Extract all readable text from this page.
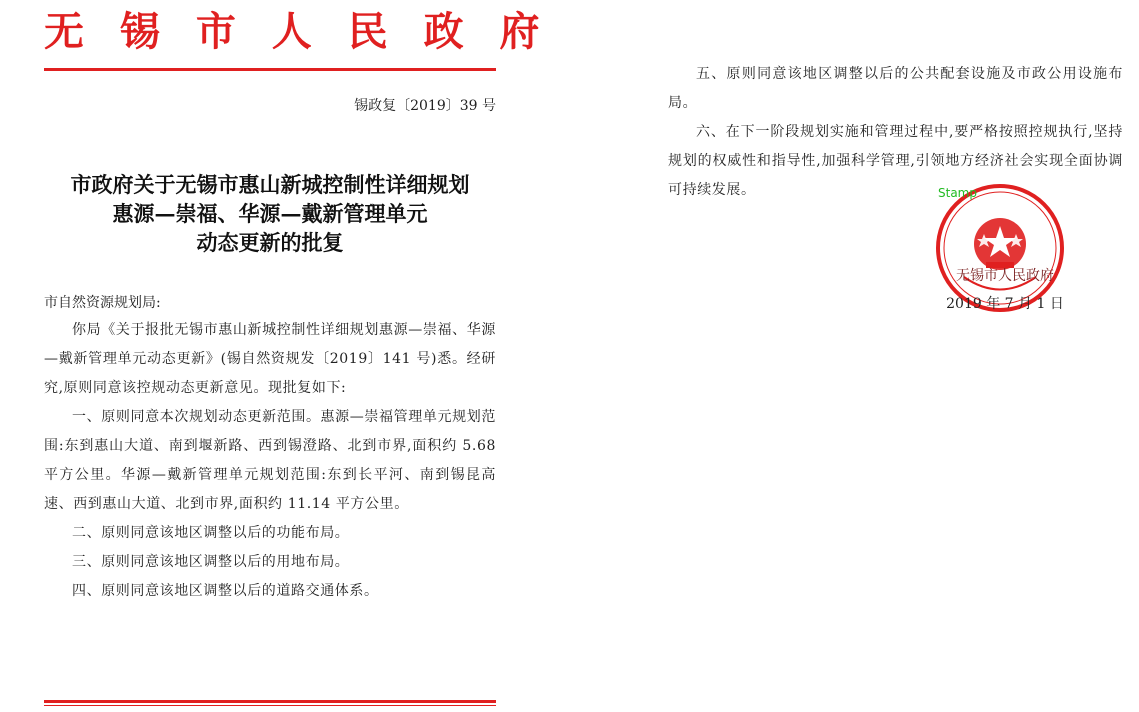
无 锡 市 人 民 政 府
锡政复〔2019〕39 号
市政府关于无锡市惠山新城控制性详细规划
惠源—崇福、华源—戴新管理单元
动态更新的批复
市自然资源规划局:

你局《关于报批无锡市惠山新城控制性详细规划惠源—崇福、华源—戴新管理单元动态更新》(锡自然资规发〔2019〕141 号)悉。经研究,原则同意该控规动态更新意见。现批复如下:

一、原则同意本次规划动态更新范围。惠源—崇福管理单元规划范围:东到惠山大道、南到堰新路、西到锡澄路、北到市界,面积约 5.68 平方公里。华源—戴新管理单元规划范围:东到长平河、南到锡昆高速、西到惠山大道、北到市界,面积约 11.14 平方公里。

二、原则同意该地区调整以后的功能布局。

三、原则同意该地区调整以后的用地布局。

四、原则同意该地区调整以后的道路交通体系。

五、原则同意该地区调整以后的公共配套设施及市政公用设施布局。

六、在下一阶段规划实施和管理过程中,要严格按照控规执行,坚持规划的权威性和指导性,加强科学管理,引领地方经济社会实现全面协调可持续发展。	Stamp
无锡市人民政府
2019 年 7 月 1 日
